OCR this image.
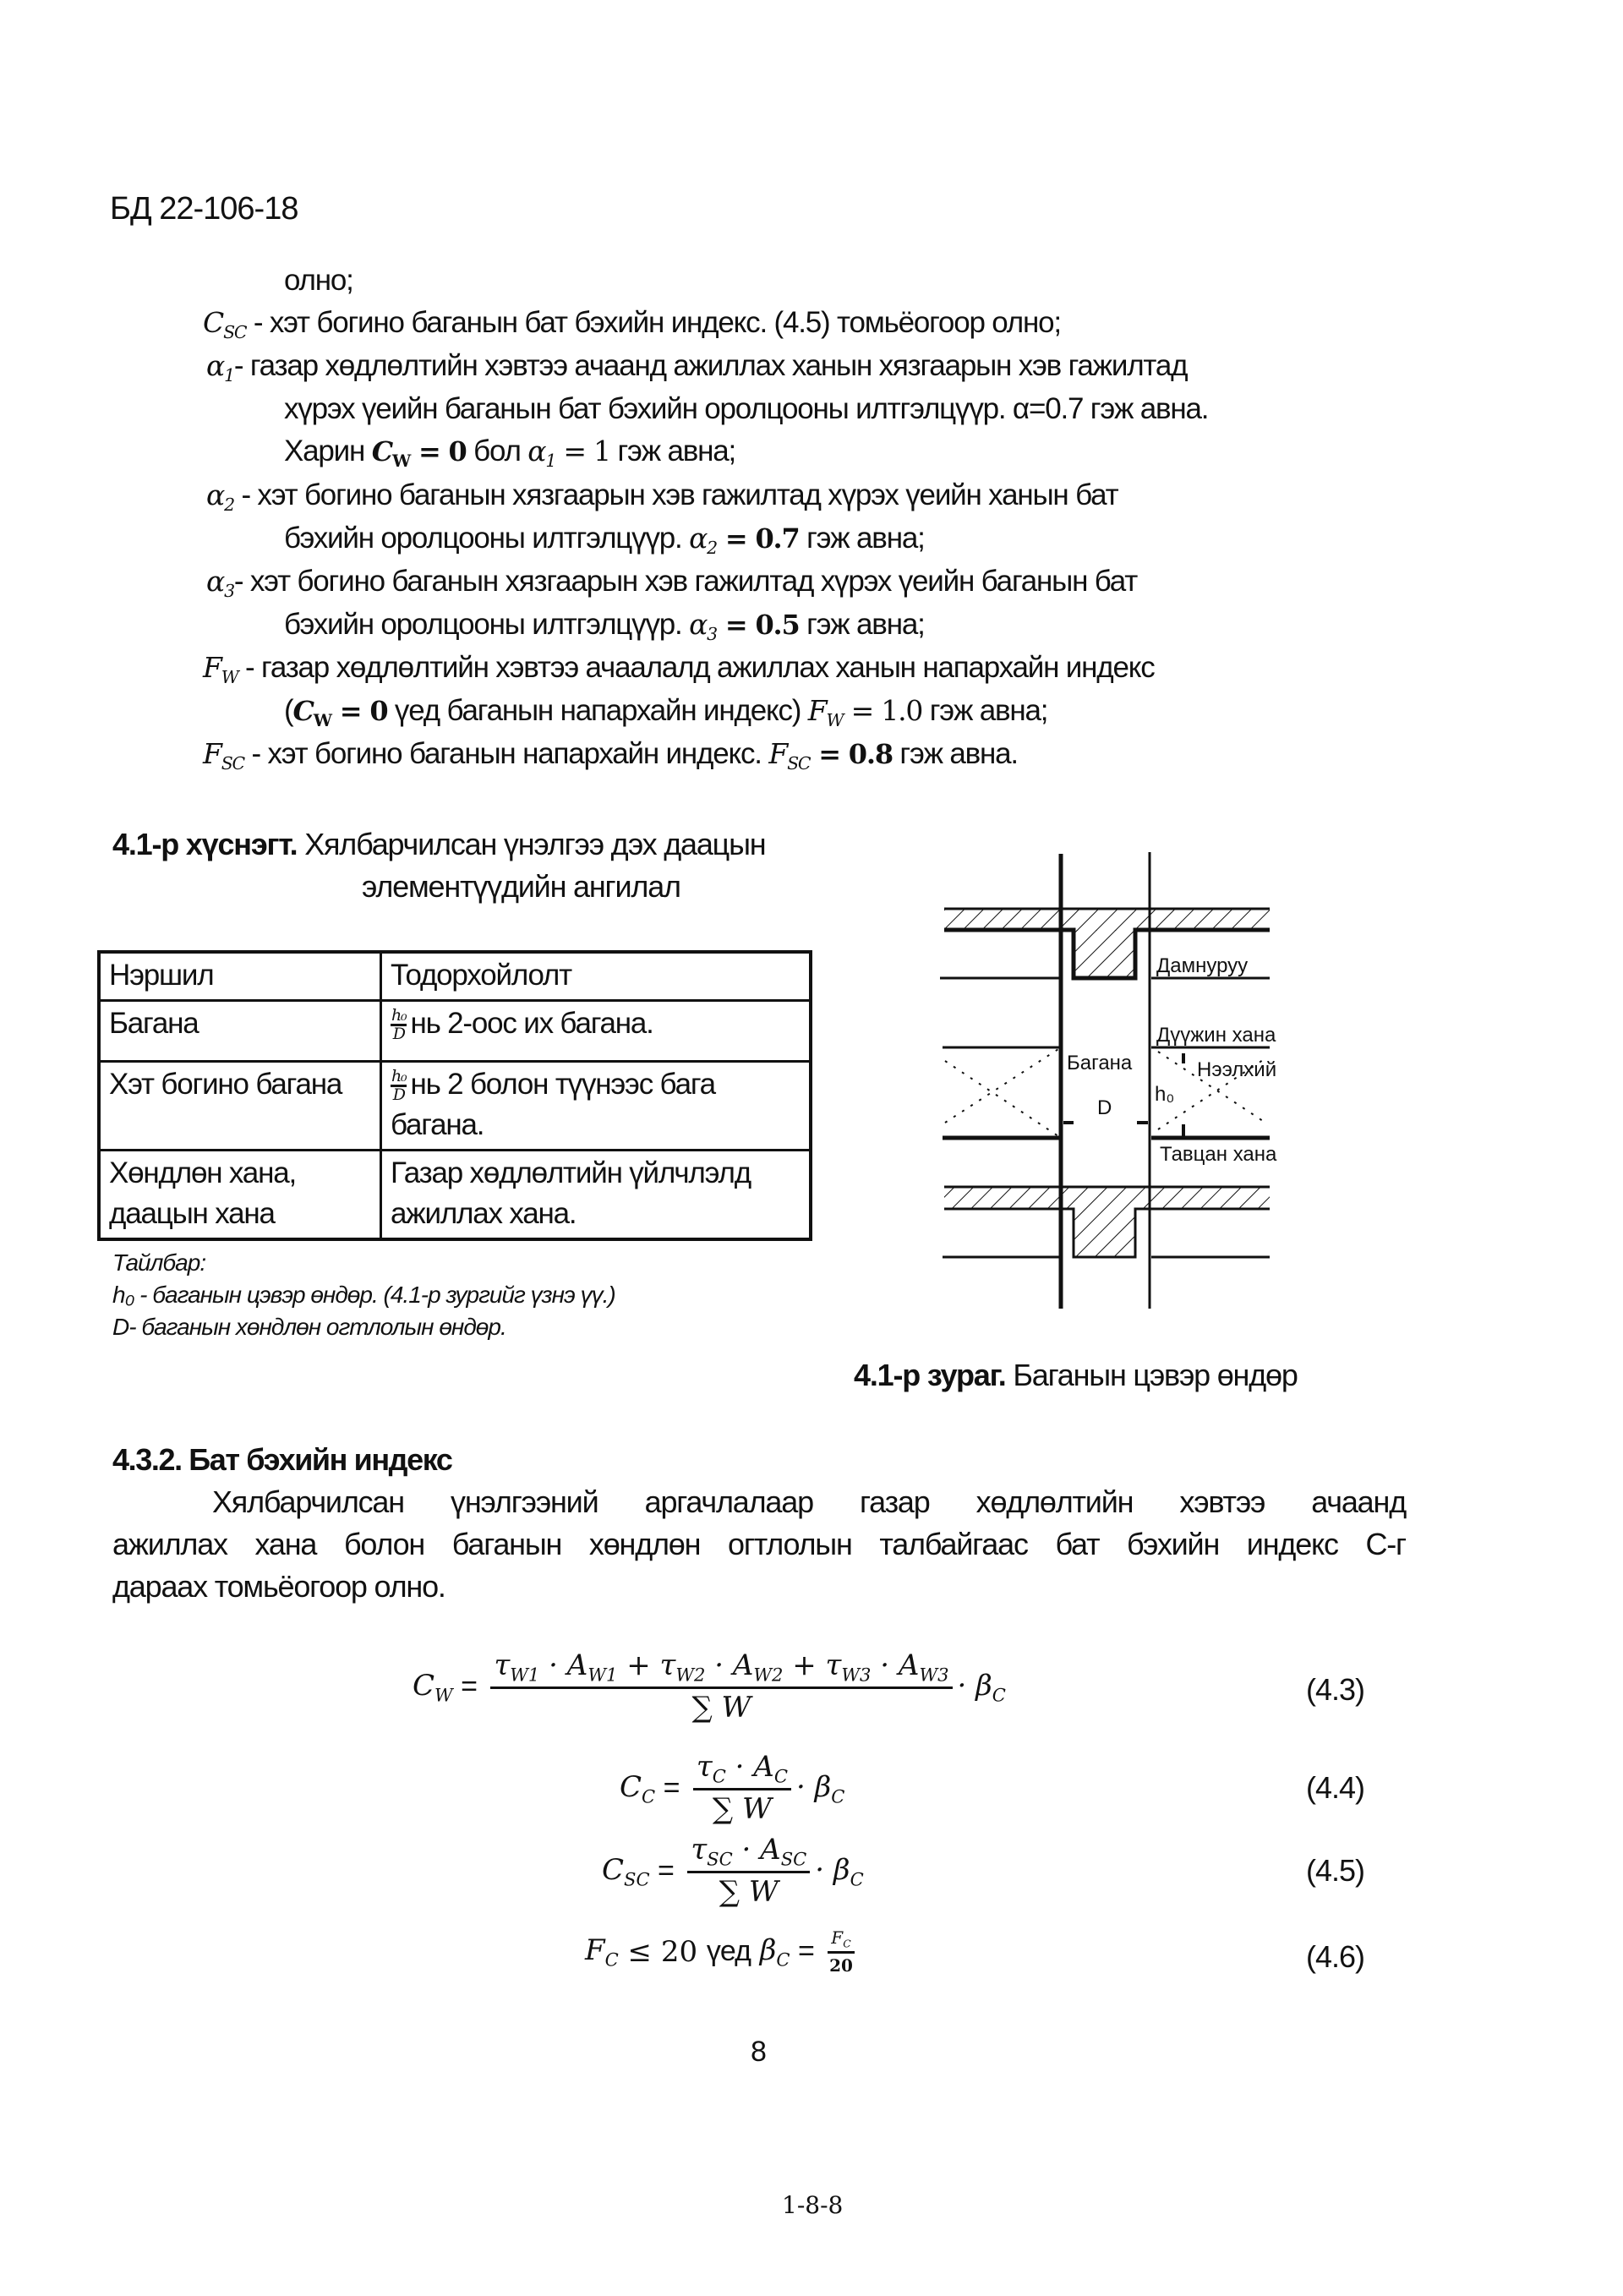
БД 22-106-18
олно;
$C_{SC}$ - хэт богино баганын бат бэхийн индекс. (4.5) томьёогоор олно;
$\alpha_1-$ газар хөдлөлтийн хэвтээ ачаанд ажиллах ханын хязгаарын хэв гажилтад
хүрэх үеийн баганын бат бэхийн оролцооны илтгэлцүүр. α=0.7 гэж авна.
Харин $C_W = 0$ бол $\alpha_1 = 1$ гэж авна;
$\alpha_2$ - хэт богино баганын хязгаарын хэв гажилтад хүрэх үеийн ханын бат
бэхийн оролцооны илтгэлцүүр. $\alpha_2 = 0.7$ гэж авна;
$\alpha_3-$ хэт богино баганын хязгаарын хэв гажилтад хүрэх үеийн баганын бат
бэхийн оролцооны илтгэлцүүр. $\alpha_3 = 0.5$ гэж авна;
$F_W$ - газар хөдлөлтийн хэвтээ ачаалалд ажиллах ханын напархайн индекс
($C_W = 0$ үед баганын напархайн индекс) $F_W = 1.0$ гэж авна;
$F_{SC}$ - хэт богино баганын напархайн индекс. $F_{SC} = 0.8$ гэж авна.
4.1-р хүснэгт. Хялбарчилсан үнэлгээ дэх даацын
элементүүдийн ангилал
Нэршил	Тодорхойлолт
Багана	$\frac{\text{h₀}}{D}$ нь 2-оос их багана.
Хэт богино багана	$\frac{\text{h₀}}{D}$ нь 2 болон түүнээс бага багана.
Хөндлөн хана, даацын хана	Газар хөдлөлтийн үйлчлэлд ажиллах хана.
Тайлбар:
h₀ - баганын цэвэр өндөр. (4.1-р зургийг үзнэ үү.)
D- баганын хөндлөн огтлолын өндөр.
Дамнуруу
Дүүжин хана
Багана	Нээлхий
h₀
D
Тавцан хана
4.1-р зураг. Баганын цэвэр өндөр
4.3.2. Бат бэхийн индекс
Хялбарчилсан үнэлгээний аргачлалаар газар хөдлөлтийн хэвтээ ачаанд
ажиллах хана болон баганын хөндлөн огтлолын талбайгаас бат бэхийн индекс C-г
дараах томьёогоор олно.
$C_W = \frac{\tau_{W1} \cdot A_{W1} + \tau_{W2} \cdot A_{W2} + \tau_{W3} \cdot A_{W3}}{\sum W} \cdot \beta_C$	(4.3)
$C_C = \frac{\tau_C \cdot A_C}{\sum W} \cdot \beta_C$	(4.4)
$C_{SC}$ =
$\tau_{SC} \cdot A_{SC}$
∑ W
· $\beta_C$	(4.5)
$F_C \le 20$ үед $\beta_C = \frac{F_C}{20}$	(4.6)
8
1-8-8
